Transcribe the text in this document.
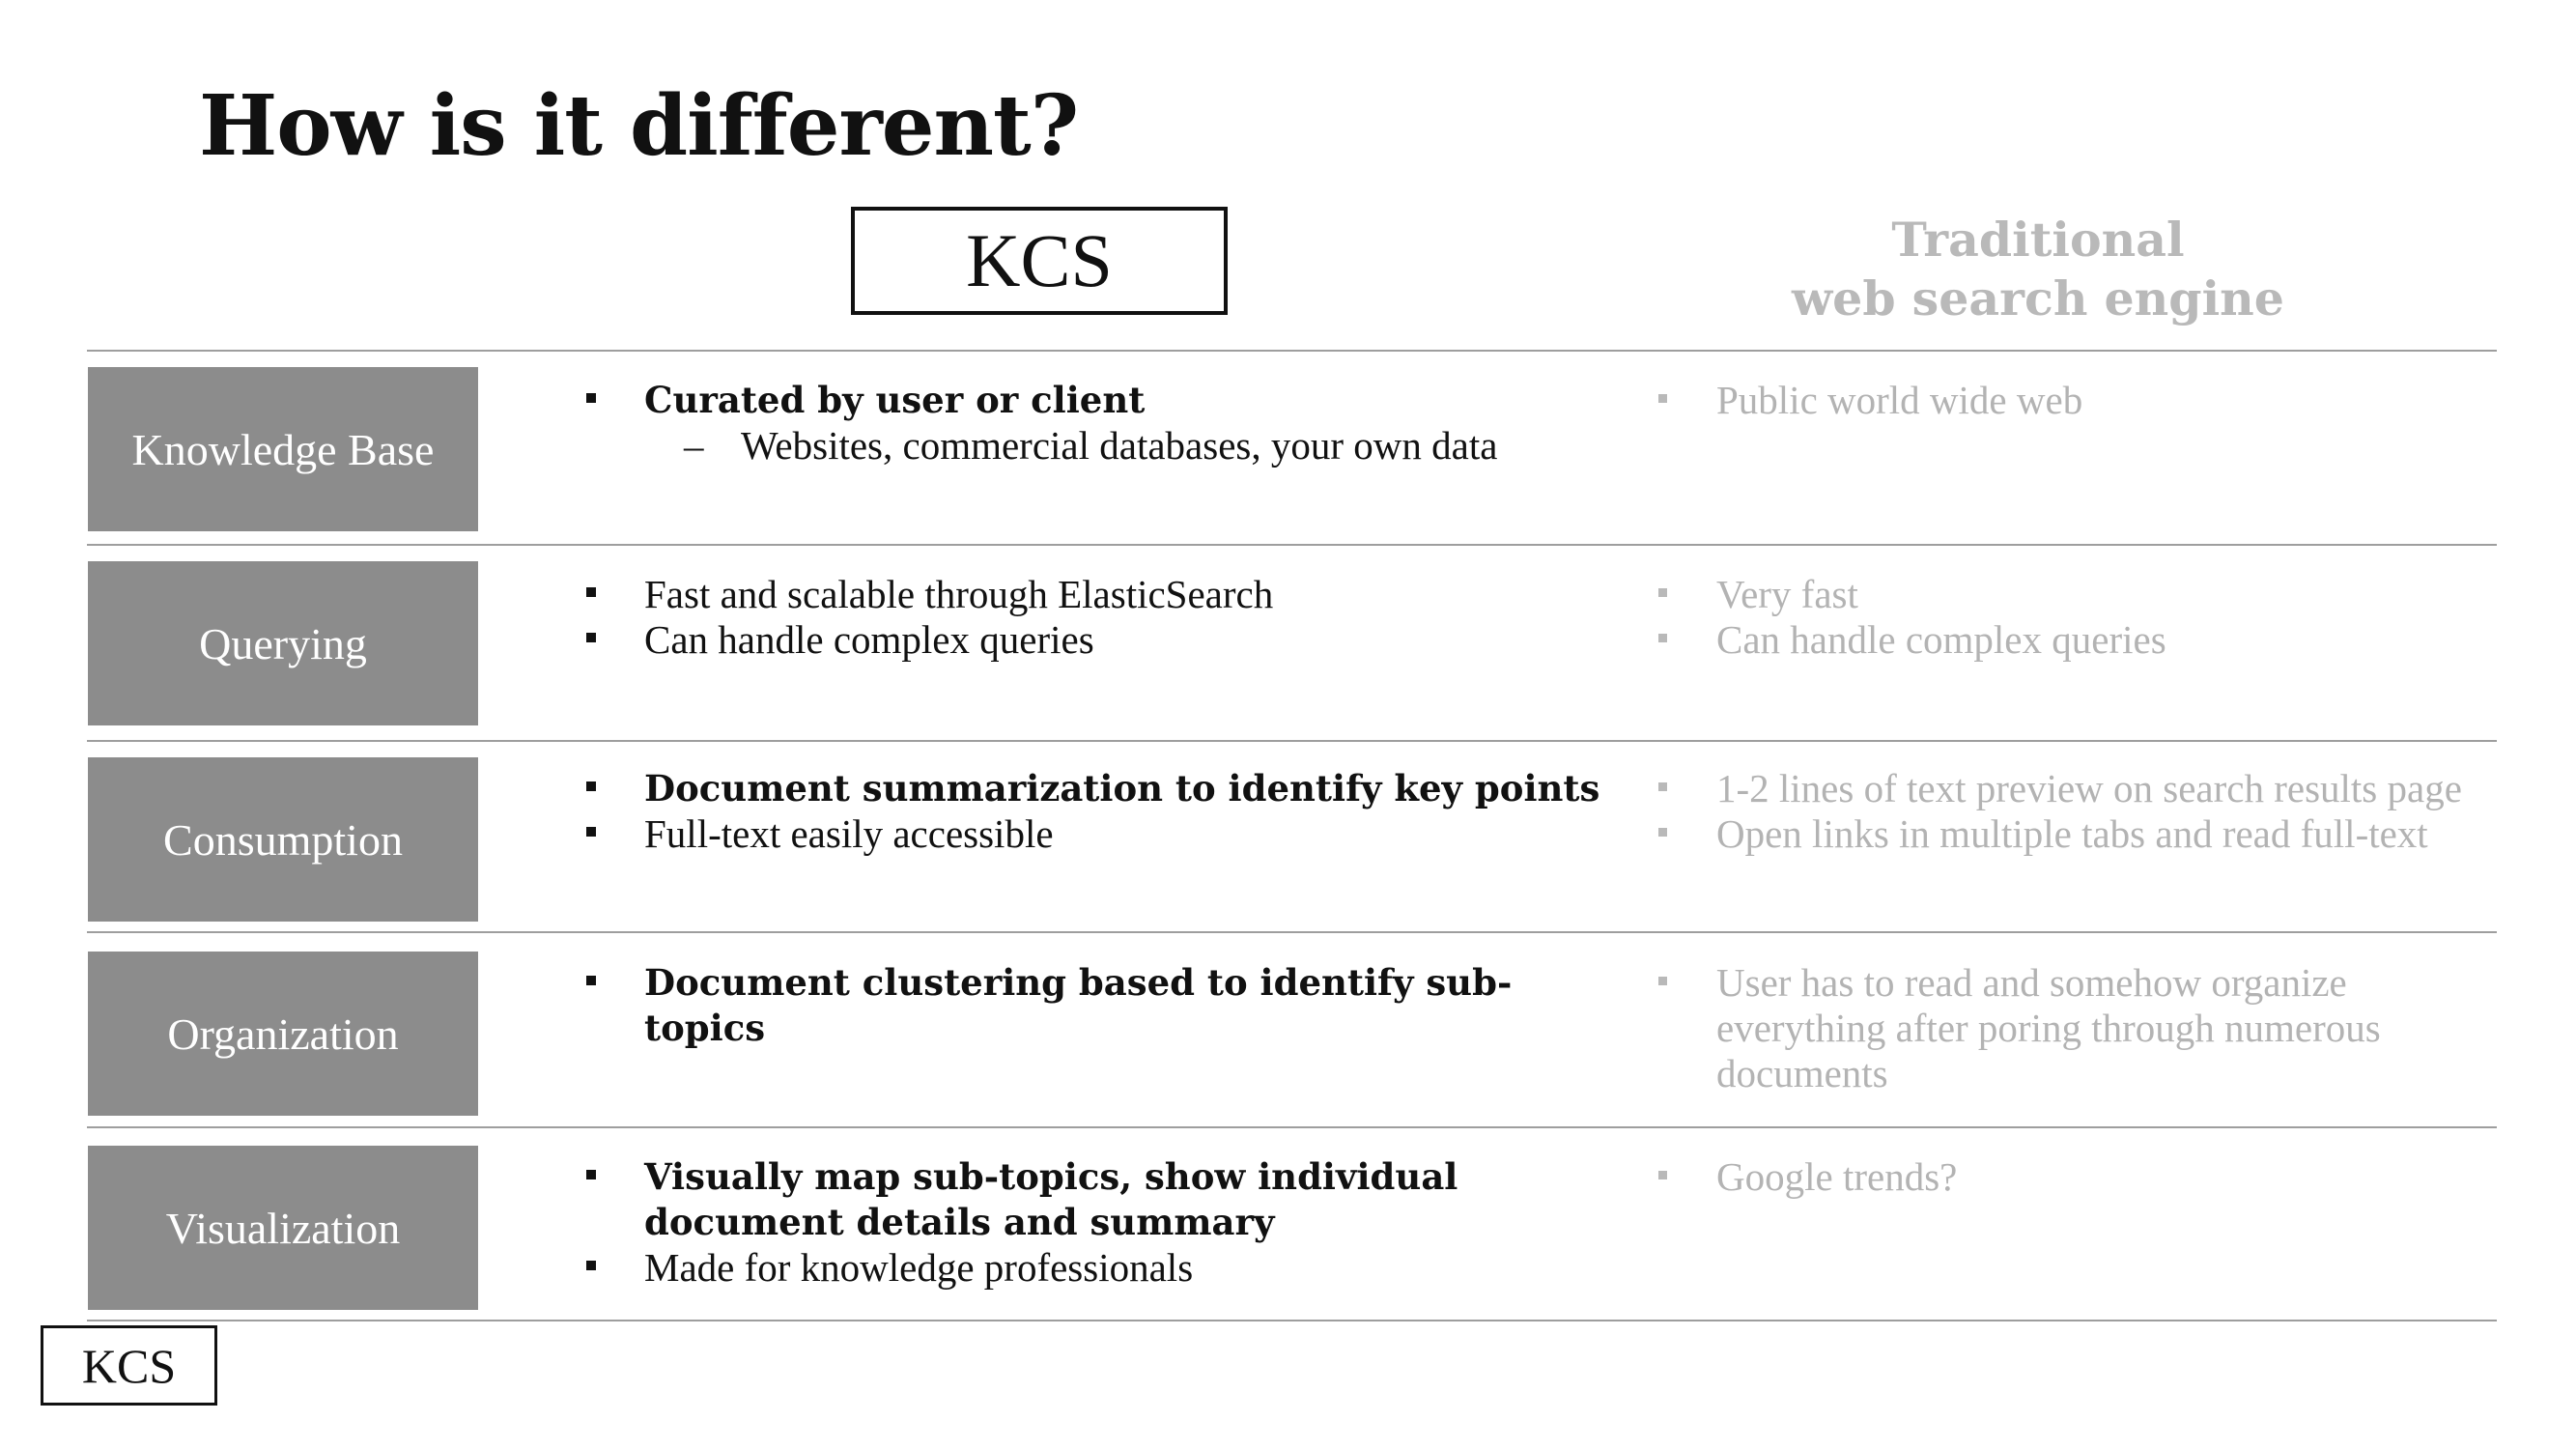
How is it different?
KCS	Traditional
web search engine
Knowledge Base
Curated by user or client
– Websites, commercial databases, your own data
Public world wide web
Querying
Fast and scalable through ElasticSearch
Can handle complex queries
Very fast
Can handle complex queries
Consumption
Document summarization to identify key points
Full-text easily accessible
1-2 lines of text preview on search results page
Open links in multiple tabs and read full-text
Organization
Document clustering based to identify sub-topics
User has to read and somehow organize everything after poring through numerous documents
Visualization
Visually map sub-topics, show individual document details and summary
Made for knowledge professionals
Google trends?
KCS
